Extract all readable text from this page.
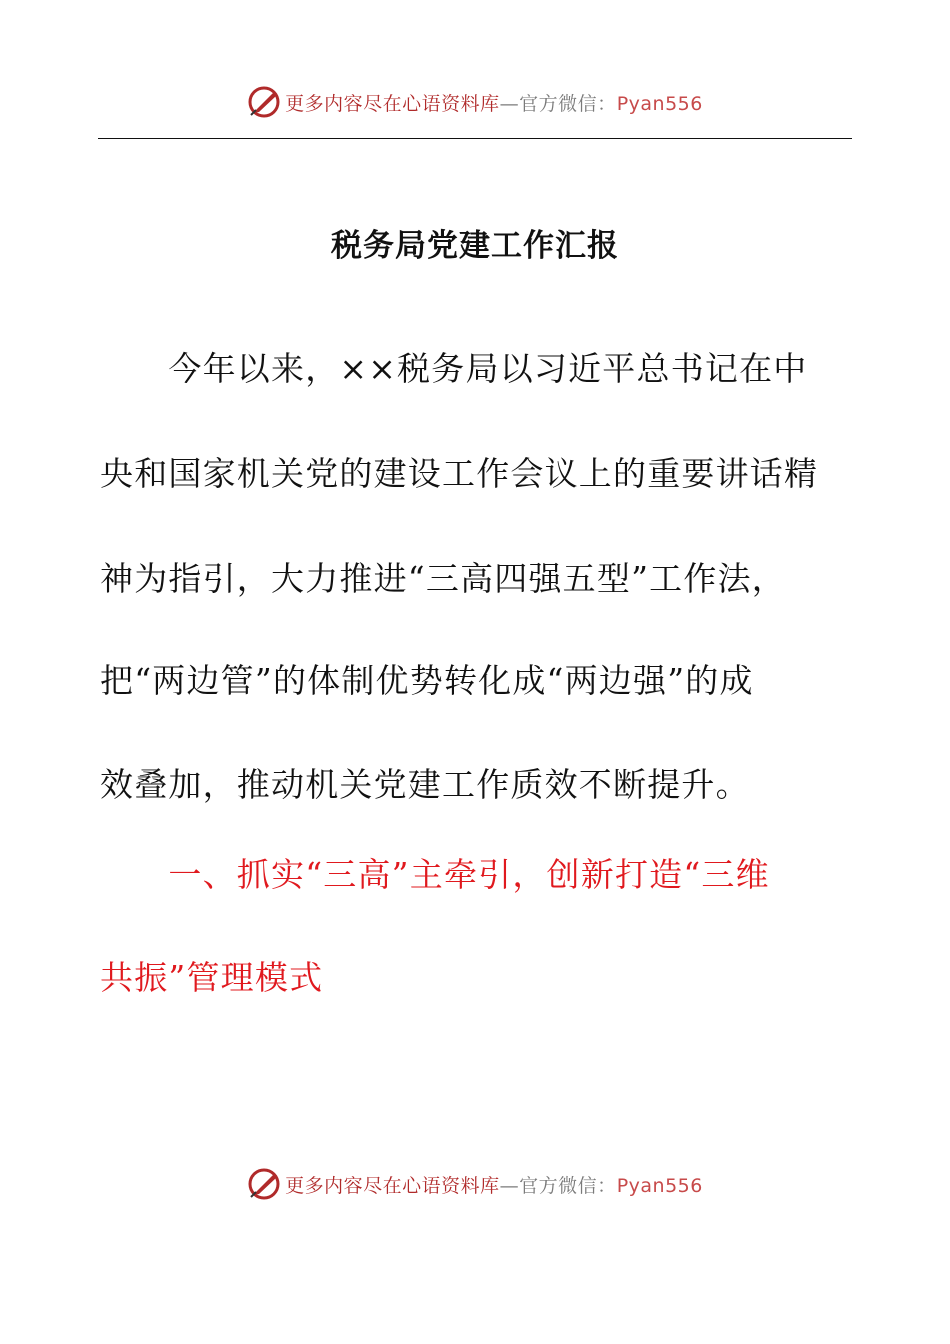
更多内容尽在心语资料库—官方微信：Pyan556
税务局党建工作汇报
　　今年以来，××税务局以习近平总书记在中
央和国家机关党的建设工作会议上的重要讲话精
神为指引，大力推进“三高四强五型”工作法，
把“两边管”的体制优势转化成“两边强”的成
效叠加，推动机关党建工作质效不断提升。
　　一、抓实“三高”主牵引，创新打造“三维
共振”管理模式
更多内容尽在心语资料库—官方微信：Pyan556
